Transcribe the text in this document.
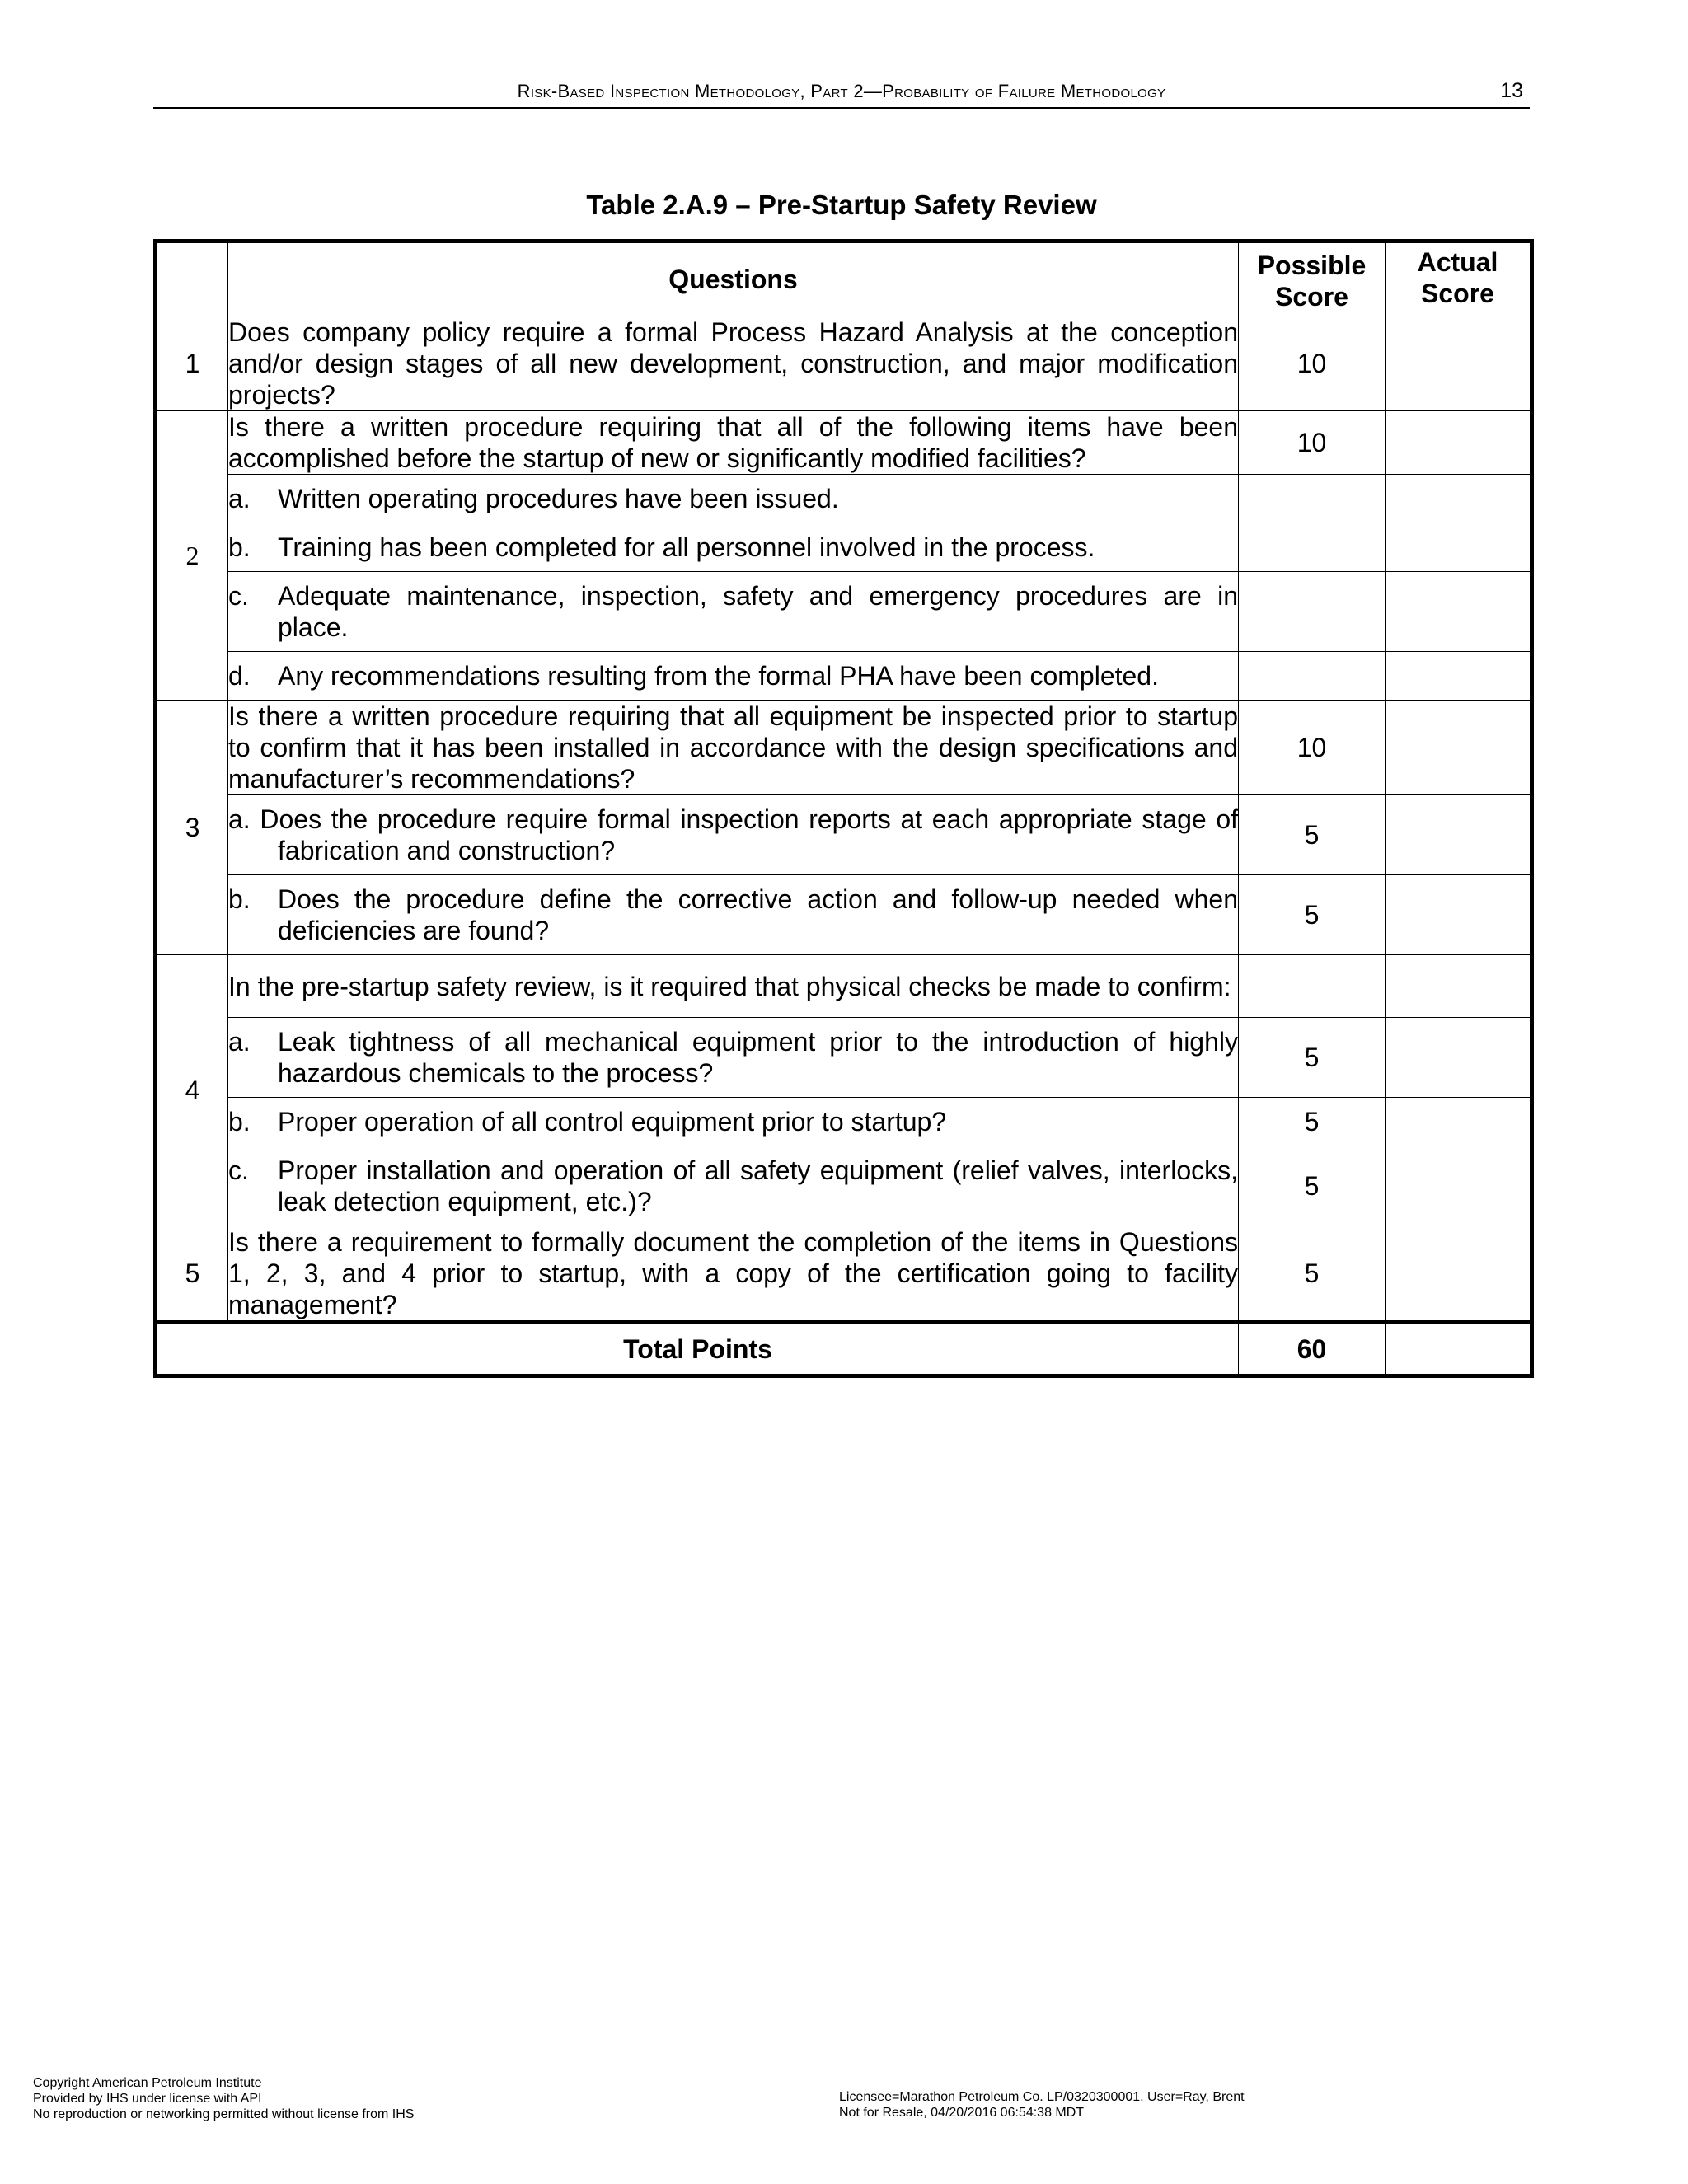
Risk-Based Inspection Methodology, Part 2—Probability of Failure Methodology	13
Table 2.A.9 – Pre-Startup Safety Review
	Questions	Possible Score	Actual Score
1	Does company policy require a formal Process Hazard Analysis at the conception and/or design stages of all new development, construction, and major modification projects?	10	
2	Is there a written procedure requiring that all of the following items have been accomplished before the startup of new or significantly modified facilities?	10	

	a. Written operating procedures have been issued.		

	b. Training has been completed for all personnel involved in the process.		

	c. Adequate maintenance, inspection, safety and emergency procedures are in place.		

	d. Any recommendations resulting from the formal PHA have been completed.		

3	Is there a written procedure requiring that all equipment be inspected prior to startup to confirm that it has been installed in accordance with the design specifications and manufacturer’s recommendations?	10	

	a. Does the procedure require formal inspection reports at each appropriate stage of fabrication and construction?	5	

	b. Does the procedure define the corrective action and follow-up needed when deficiencies are found?	5	
4	In the pre-startup safety review, is it required that physical checks be made to confirm:		

	a. Leak tightness of all mechanical equipment prior to the introduction of highly hazardous chemicals to the process?	5	

	b. Proper operation of all control equipment prior to startup?	5	

	c. Proper installation and operation of all safety equipment (relief valves, interlocks, leak detection equipment, etc.)?	5	
5	Is there a requirement to formally document the completion of the items in Questions 1, 2, 3, and 4 prior to startup, with a copy of the certification going to facility management?	5	
Total Points		60	
Copyright American Petroleum Institute
Provided by IHS under license with API
No reproduction or networking permitted without license from IHS
Licensee=Marathon Petroleum Co. LP/0320300001, User=Ray, Brent
Not for Resale, 04/20/2016 06:54:38 MDT
